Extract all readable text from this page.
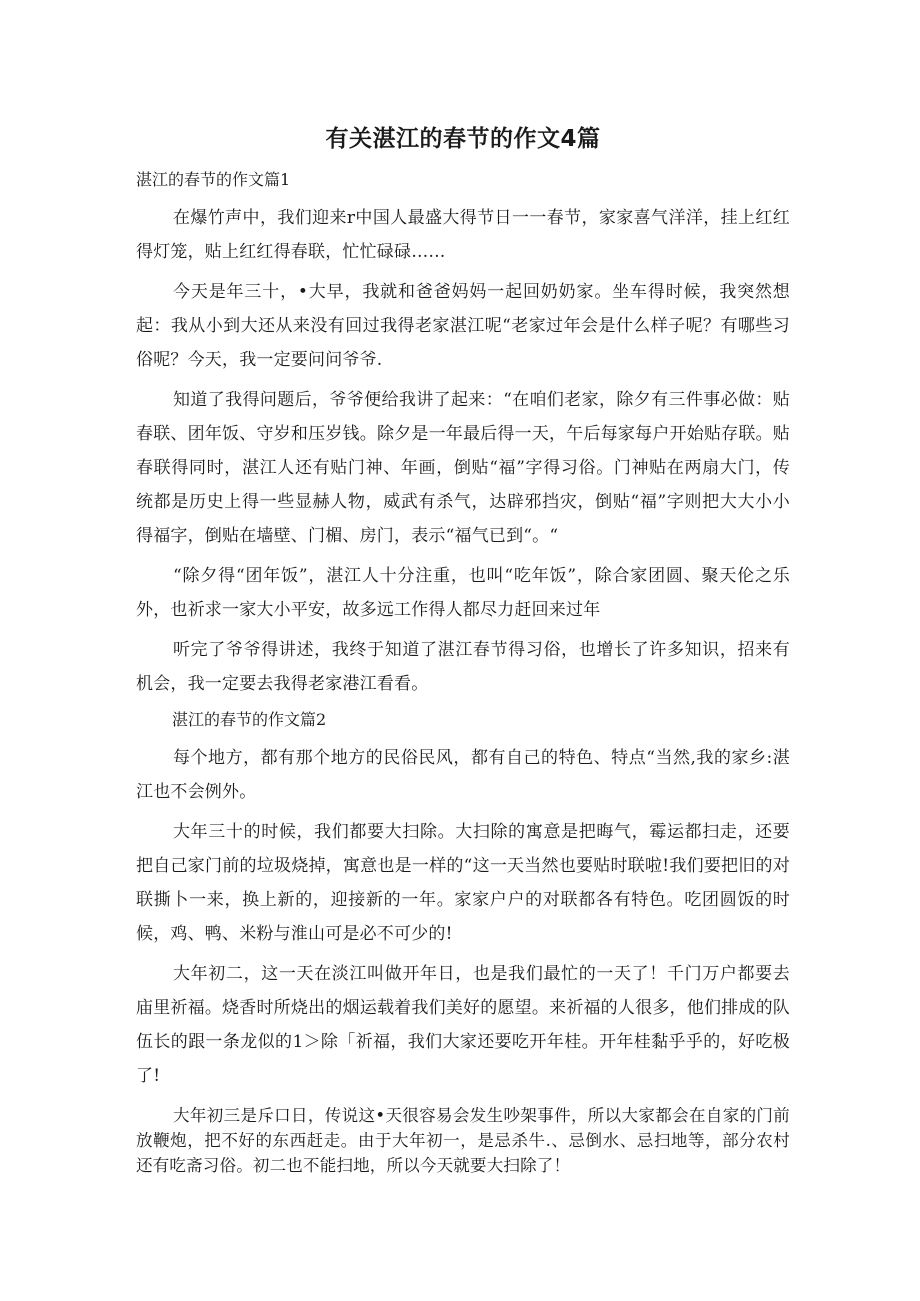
有关湛江的春节的作文4篇
湛江的春节的作文篇1

在爆竹声中，我们迎来r中国人最盛大得节日一一春节，家家喜气洋洋，挂上红红得灯笼，贴上红红得春联，忙忙碌碌……

今天是年三十，•大早，我就和爸爸妈妈一起回奶奶家。坐车得时候，我突然想起：我从小到大还从来没有回过我得老家湛江呢“老家过年会是什么样子呢？有哪些习俗呢？今天，我一定要问问爷爷.

知道了我得问题后，爷爷便给我讲了起来：“在咱们老家，除夕有三件事必做：贴春联、团年饭、守岁和压岁钱。除夕是一年最后得一天，午后每家每户开始贴存联。贴春联得同时，湛江人还有贴门神、年画，倒贴“福”字得习俗。门神贴在两扇大门，传统都是历史上得一些显赫人物，威武有杀气，达辟邪挡灾，倒贴“福”字则把大大小小得福字，倒贴在墙壁、门楣、房门，表示“福气已到“。“

“除夕得“团年饭”，湛江人十分注重，也叫“吃年饭”，除合家团圆、聚天伦之乐外，也祈求一家大小平安，故多远工作得人都尽力赶回来过年

听完了爷爷得讲述，我终于知道了湛江春节得习俗，也增长了许多知识，招来有机会，我一定要去我得老家港江看看。

湛江的春节的作文篇2

每个地方，都有那个地方的民俗民风，都有自己的特色、特点“当然,我的家乡:湛江也不会例外。

大年三十的时候，我们都要大扫除。大扫除的寓意是把晦气，霉运都扫走，还要把自己家门前的垃圾烧掉，寓意也是一样的“这一天当然也要贴时联啦!我们要把旧的对联撕卜一来，换上新的，迎接新的一年。家家户户的对联都各有特色。吃团圆饭的时候，鸡、鸭、米粉与淮山可是必不可少的!

大年初二，这一天在淡江叫做开年日，也是我们最忙的一天了！千门万户都要去庙里祈福。烧香时所烧出的烟运载着我们美好的愿望。来祈福的人很多，他们排成的队伍长的跟一条龙似的1＞除「祈福，我们大家还要吃开年桂。开年桂黏乎乎的，好吃极了!

大年初三是斥口日，传说这•天很容易会发生吵架事件，所以大家都会在自家的门前放鞭炮，把不好的东西赶走。由于大年初一，是忌杀牛.、忌倒水、忌扫地等，部分农村还有吃斋习俗。初二也不能扫地，所以今天就要大扫除了！
